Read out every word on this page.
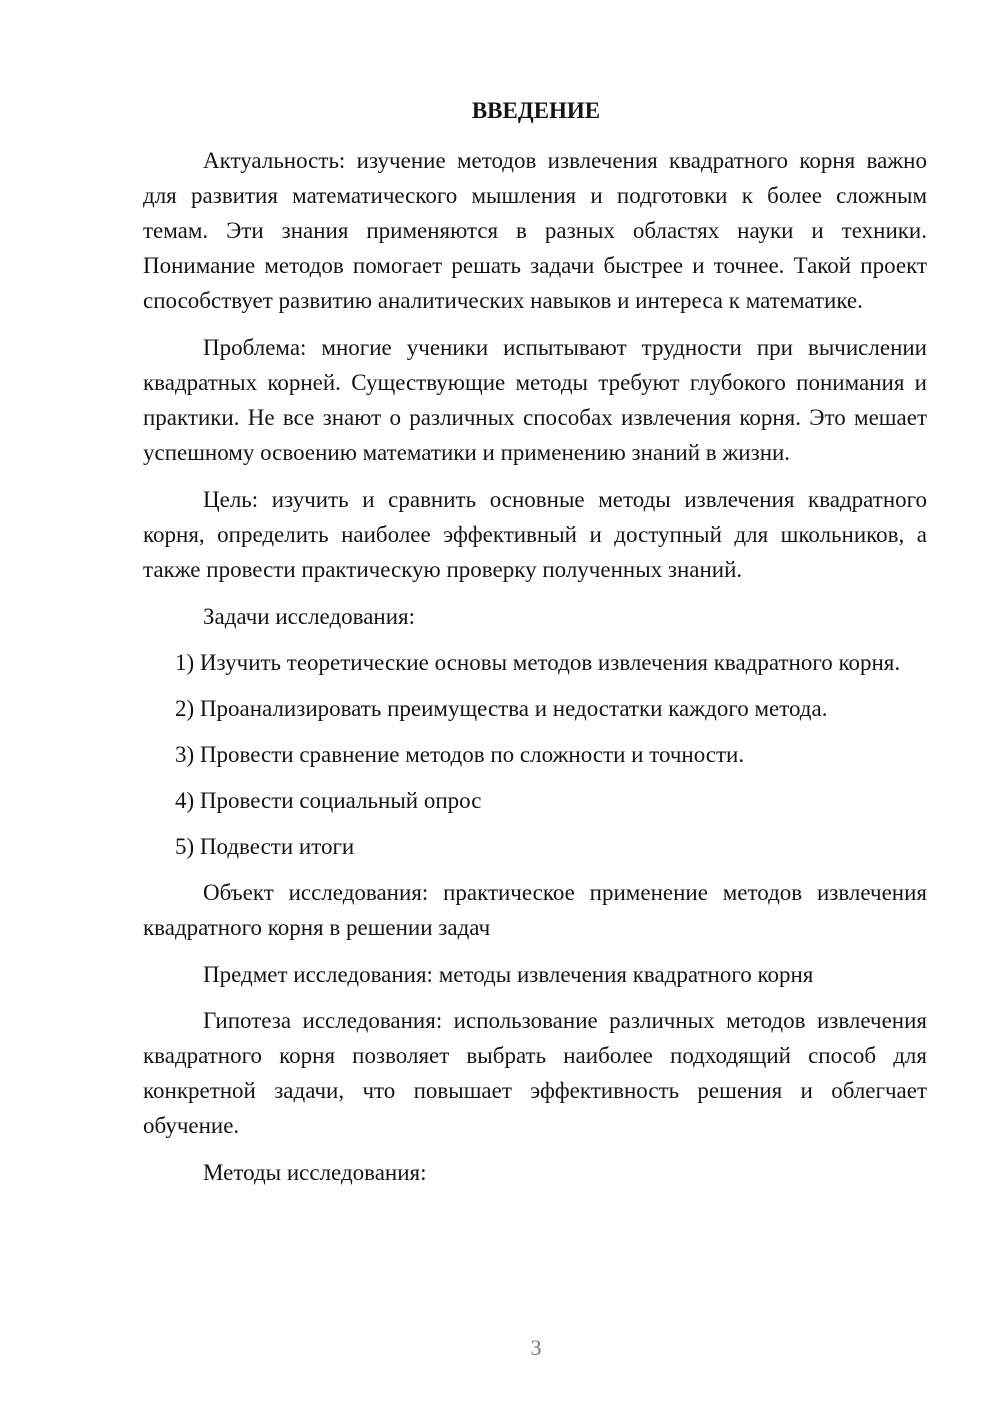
ВВЕДЕНИЕ

Актуальность: изучение методов извлечения квадратного корня важно для развития математического мышления и подготовки к более сложным темам. Эти знания применяются в разных областях науки и техники. Понимание методов помогает решать задачи быстрее и точнее. Такой проект способствует развитию аналитических навыков и интереса к математике.

Проблема: многие ученики испытывают трудности при вычислении квадратных корней. Существующие методы требуют глубокого понимания и практики. Не все знают о различных способах извлечения корня. Это мешает успешному освоению математики и применению знаний в жизни.

Цель: изучить и сравнить основные методы извлечения квадратного корня, определить наиболее эффективный и доступный для школьников, а также провести практическую проверку полученных знаний.

Задачи исследования:

1) Изучить теоретические основы методов извлечения квадратного корня.

2) Проанализировать преимущества и недостатки каждого метода.

3) Провести сравнение методов по сложности и точности.

4) Провести социальный опрос

5) Подвести итоги

Объект исследования: практическое применение методов извлечения квадратного корня в решении задач

Предмет исследования: методы извлечения квадратного корня

Гипотеза исследования: использование различных методов извлечения квадратного корня позволяет выбрать наиболее подходящий способ для конкретной задачи, что повышает эффективность решения и облегчает обучение.

Методы исследования:

3
